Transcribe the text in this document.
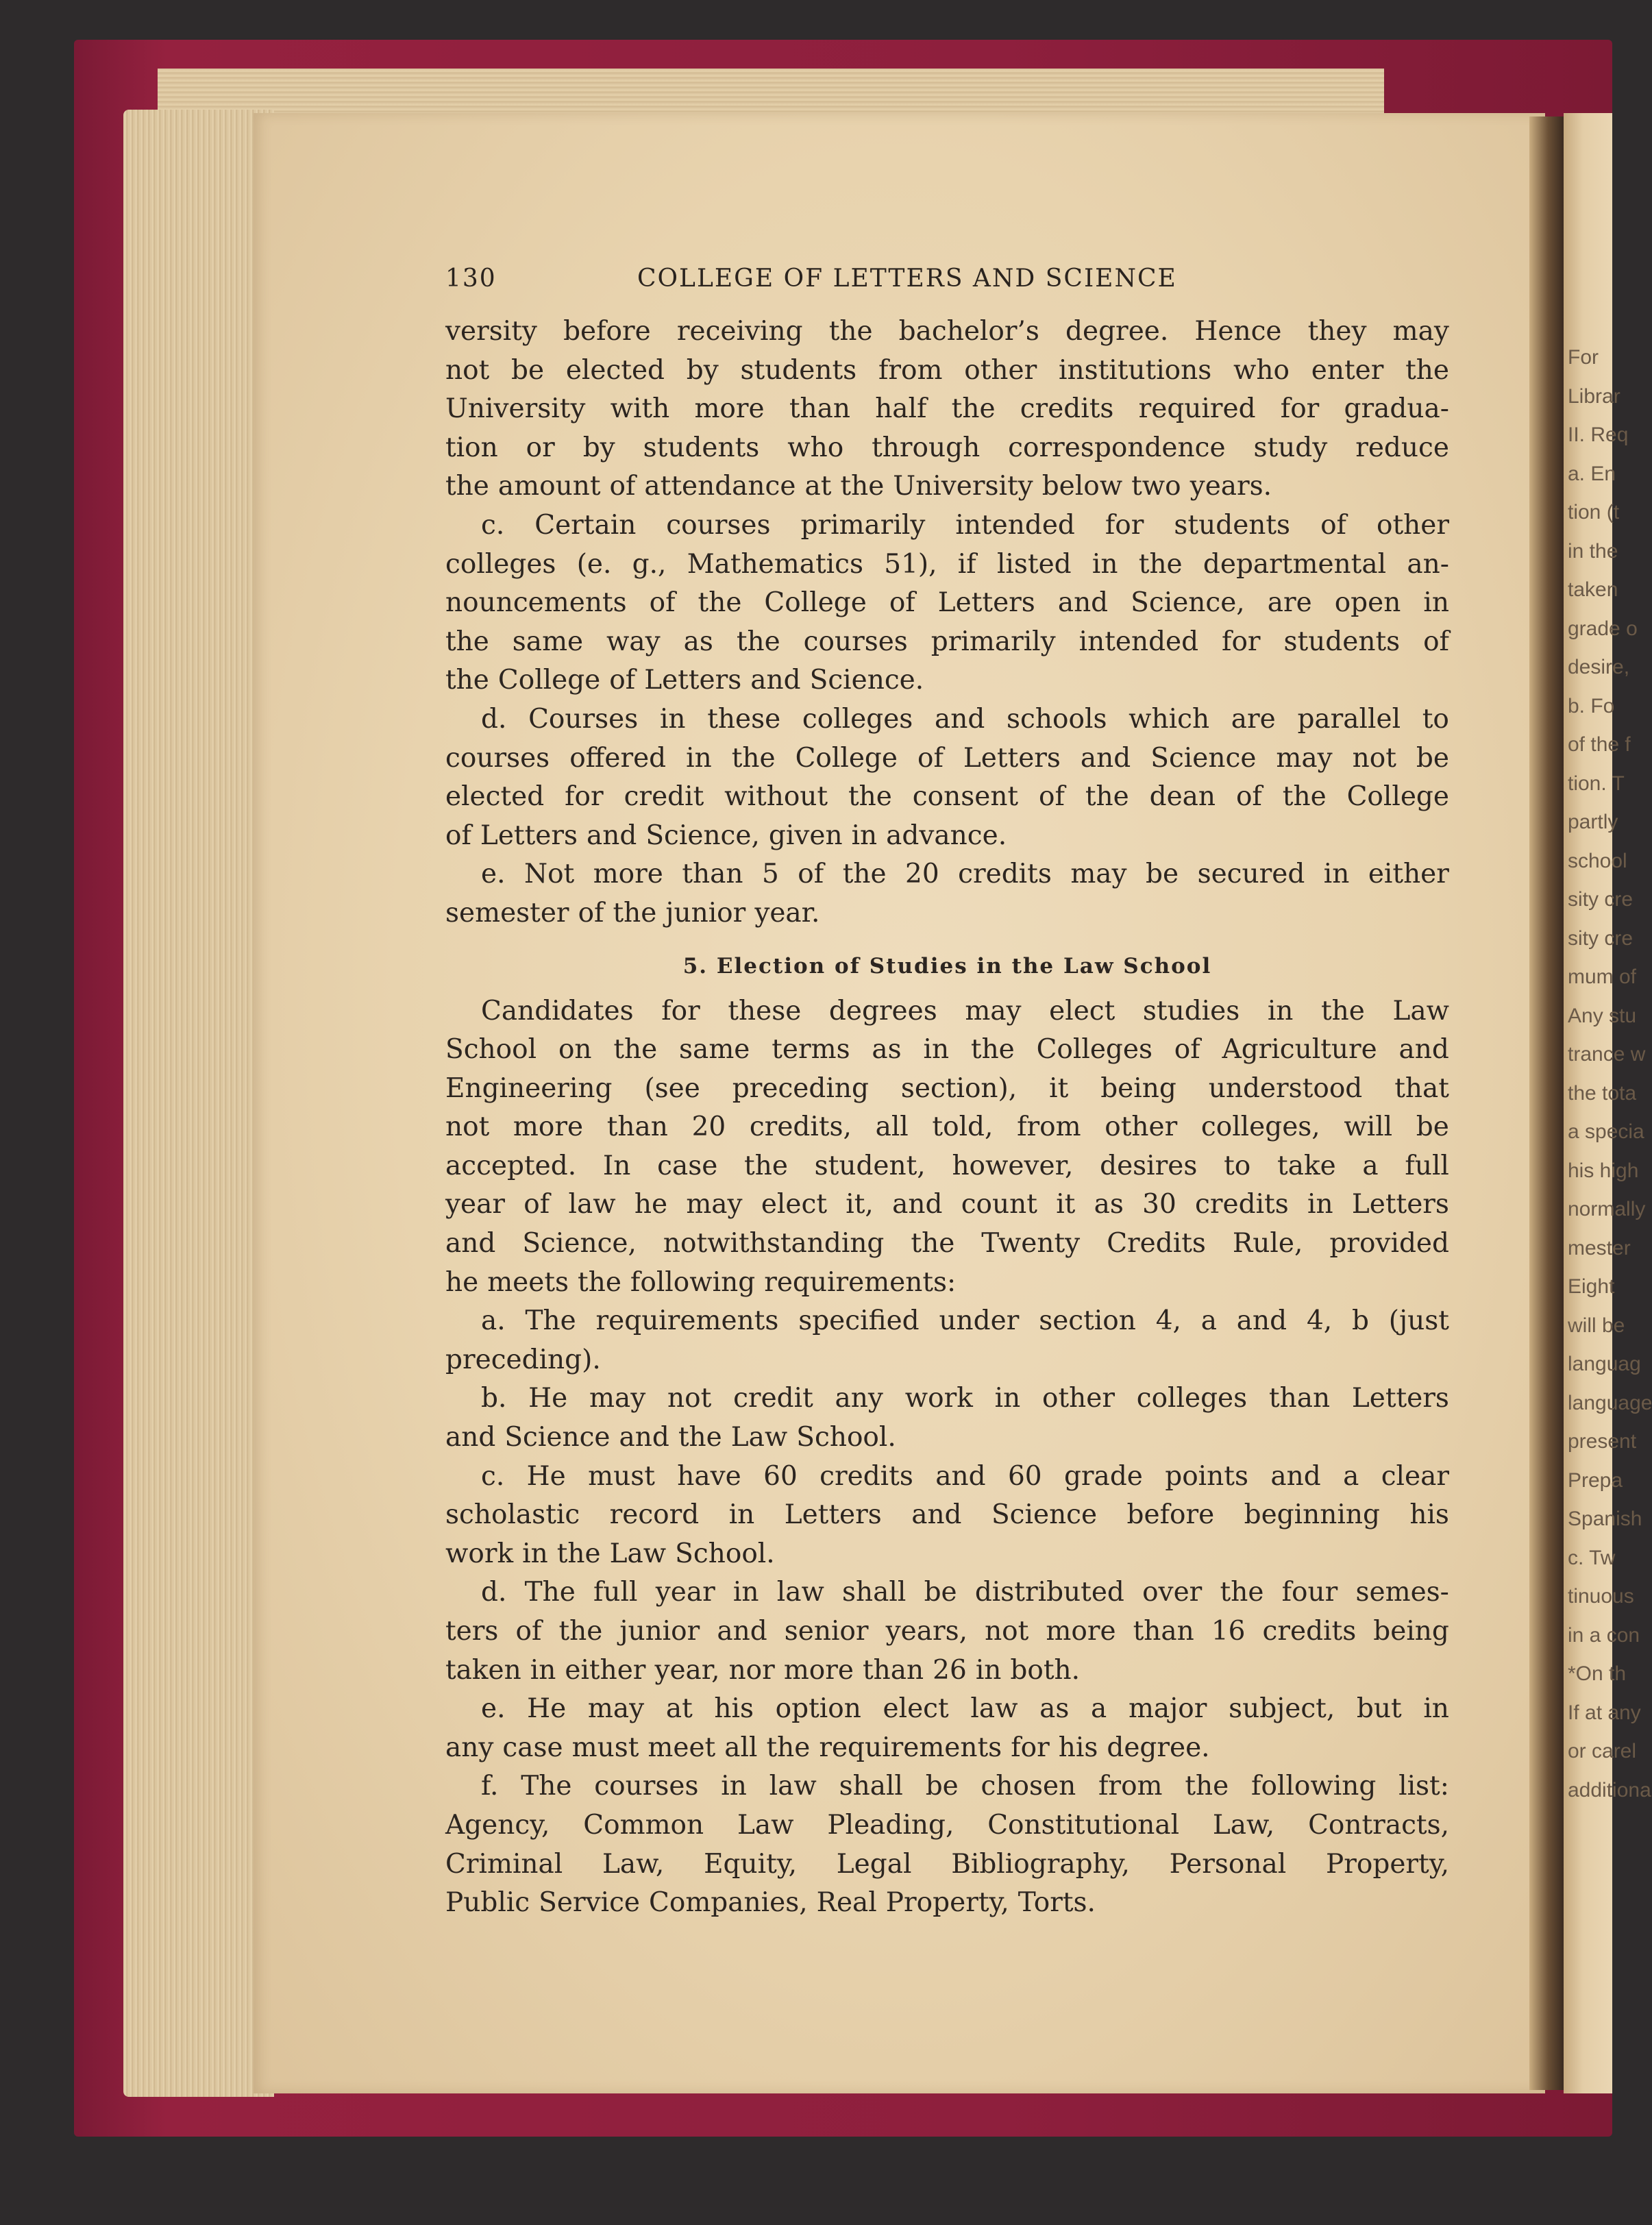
For
Librar
II. Req
a. En
tion (t
in the
taken
grade o
desire,
b. Fo
of the f
tion. T
partly
school
sity cre
sity cre
mum of
Any stu
trance w
the tota
a specia
his high
normally
mester
Eight
will be
languag
language
present
Prepa
Spanish
c. Tw
tinuous
in a con
*On th
If at any
or carel
additiona
130	COLLEGE OF LETTERS AND SCIENCE
versity before receiving the bachelor’s degree. Hence they may
not be elected by students from other institutions who enter the
University with more than half the credits required for gradua-
tion or by students who through correspondence study reduce
the amount of attendance at the University below two years.
c. Certain courses primarily intended for students of other
colleges (e. g., Mathematics 51), if listed in the departmental an-
nouncements of the College of Letters and Science, are open in
the same way as the courses primarily intended for students of
the College of Letters and Science.
d. Courses in these colleges and schools which are parallel to
courses offered in the College of Letters and Science may not be
elected for credit without the consent of the dean of the College
of Letters and Science, given in advance.
e. Not more than 5 of the 20 credits may be secured in either
semester of the junior year.
5. Election of Studies in the Law School
Candidates for these degrees may elect studies in the Law
School on the same terms as in the Colleges of Agriculture and
Engineering (see preceding section), it being understood that
not more than 20 credits, all told, from other colleges, will be
accepted. In case the student, however, desires to take a full
year of law he may elect it, and count it as 30 credits in Letters
and Science, notwithstanding the Twenty Credits Rule, provided
he meets the following requirements:
a. The requirements specified under section 4, a and 4, b (just
preceding).
b. He may not credit any work in other colleges than Letters
and Science and the Law School.
c. He must have 60 credits and 60 grade points and a clear
scholastic record in Letters and Science before beginning his
work in the Law School.
d. The full year in law shall be distributed over the four semes-
ters of the junior and senior years, not more than 16 credits being
taken in either year, nor more than 26 in both.
e. He may at his option elect law as a major subject, but in
any case must meet all the requirements for his degree.
f. The courses in law shall be chosen from the following list:
Agency, Common Law Pleading, Constitutional Law, Contracts,
Criminal Law, Equity, Legal Bibliography, Personal Property,
Public Service Companies, Real Property, Torts.
